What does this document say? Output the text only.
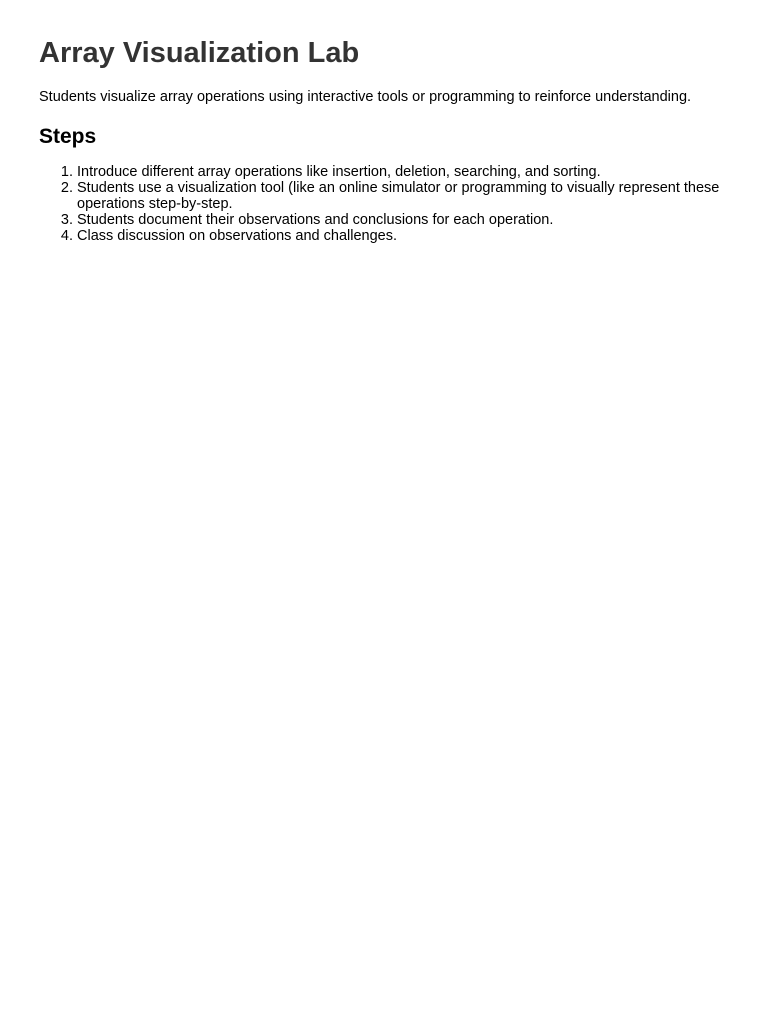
Array Visualization Lab

Students visualize array operations using interactive tools or programming to reinforce understanding.

Steps
1. Introduce different array operations like insertion, deletion, searching, and sorting.
2. Students use a visualization tool (like an online simulator or programming to visually represent these operations step-by-step.
3. Students document their observations and conclusions for each operation.
4. Class discussion on observations and challenges.
